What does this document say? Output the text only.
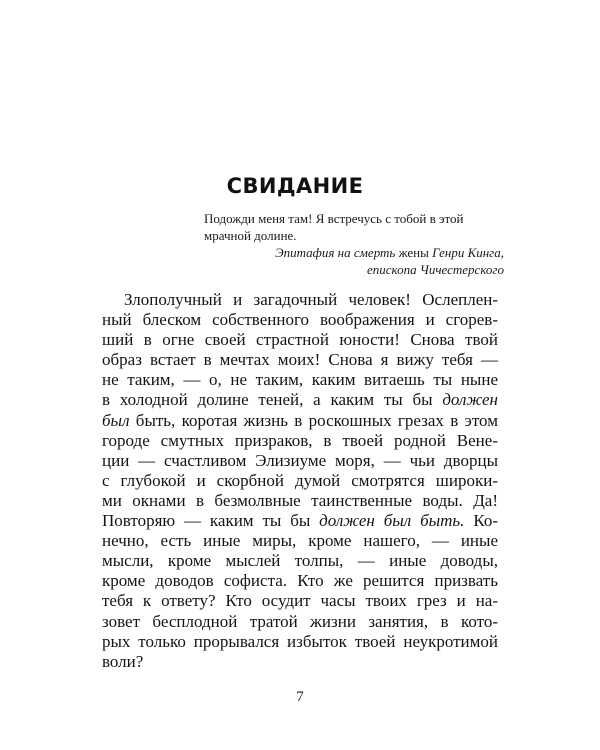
СВИДАНИЕ
Подожди меня там! Я встречусь с тобой в этой
мрачной долине.
Эпитафия на смерть жены Генри Кинга,
епископа Чичестерского
Злополучный и загадочный человек! Ослеплен-
ный блеском собственного воображения и сгорев-
ший в огне своей страстной юности! Снова твой
образ встает в мечтах моих! Снова я вижу тебя —
не таким, — о, не таким, каким витаешь ты ныне
в холодной долине теней, а каким ты бы должен
был быть, коротая жизнь в роскошных грезах в этом
городе смутных призраков, в твоей родной Вене-
ции — счастливом Элизиуме моря, — чьи дворцы
с глубокой и скорбной думой смотрятся широки-
ми окнами в безмолвные таинственные воды. Да!
Повторяю — каким ты бы должен был быть. Ко-
нечно, есть иные миры, кроме нашего, — иные
мысли, кроме мыслей толпы, — иные доводы,
кроме доводов софиста. Кто же решится призвать
тебя к ответу? Кто осудит часы твоих грез и на-
зовет бесплодной тратой жизни занятия, в кото-
рых только прорывался избыток твоей неукротимой
воли?
7
